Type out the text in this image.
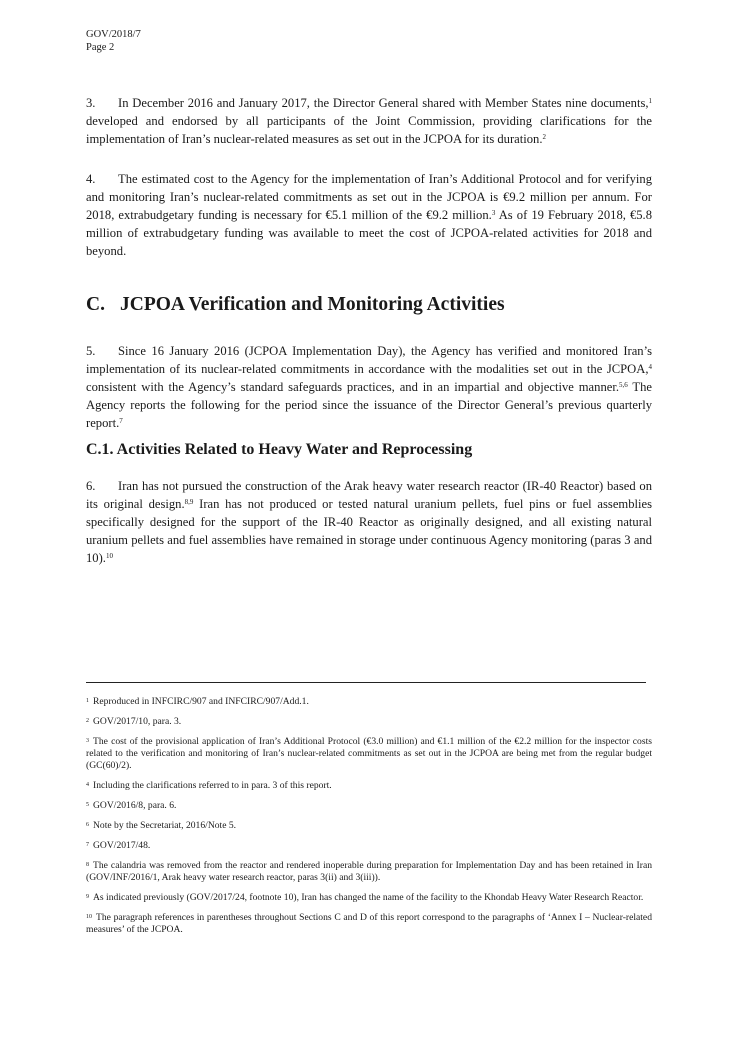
GOV/2018/7
Page 2

3. In December 2016 and January 2017, the Director General shared with Member States nine documents,$^1$ developed and endorsed by all participants of the Joint Commission, providing clarifications for the implementation of Iran’s nuclear-related measures as set out in the JCPOA for its duration.$^2$

4. The estimated cost to the Agency for the implementation of Iran’s Additional Protocol and for verifying and monitoring Iran’s nuclear-related commitments as set out in the JCPOA is €9.2 million per annum. For 2018, extrabudgetary funding is necessary for €5.1 million of the €9.2 million.$^3$ As of 19 February 2018, €5.8 million of extrabudgetary funding was available to meet the cost of JCPOA-related activities for 2018 and beyond.

C. JCPOA Verification and Monitoring Activities

5. Since 16 January 2016 (JCPOA Implementation Day), the Agency has verified and monitored Iran’s implementation of its nuclear-related commitments in accordance with the modalities set out in the JCPOA,$^4$ consistent with the Agency’s standard safeguards practices, and in an impartial and objective manner.$^{5,6}$ The Agency reports the following for the period since the issuance of the Director General’s previous quarterly report.$^7$

C.1. Activities Related to Heavy Water and Reprocessing

6. Iran has not pursued the construction of the Arak heavy water research reactor (IR-40 Reactor) based on its original design.$^{8,9}$ Iran has not produced or tested natural uranium pellets, fuel pins or fuel assemblies specifically designed for the support of the IR-40 Reactor as originally designed, and all existing natural uranium pellets and fuel assemblies have remained in storage under continuous Agency monitoring (paras 3 and 10).$^{10}$

$^1$ Reproduced in INFCIRC/907 and INFCIRC/907/Add.1.

$^2$ GOV/2017/10, para. 3.

$^3$ The cost of the provisional application of Iran’s Additional Protocol (€3.0 million) and €1.1 million of the €2.2 million for the inspector costs related to the verification and monitoring of Iran’s nuclear-related commitments as set out in the JCPOA are being met from the regular budget (GC(60)/2).

$^4$ Including the clarifications referred to in para. 3 of this report.

$^5$ GOV/2016/8, para. 6.

$^6$ Note by the Secretariat, 2016/Note 5.

$^7$ GOV/2017/48.

$^8$ The calandria was removed from the reactor and rendered inoperable during preparation for Implementation Day and has been retained in Iran (GOV/INF/2016/1, Arak heavy water research reactor, paras 3(ii) and 3(iii)).

$^9$ As indicated previously (GOV/2017/24, footnote 10), Iran has changed the name of the facility to the Khondab Heavy Water Research Reactor.

$^{10}$ The paragraph references in parentheses throughout Sections C and D of this report correspond to the paragraphs of ‘Annex I – Nuclear-related measures’ of the JCPOA.
